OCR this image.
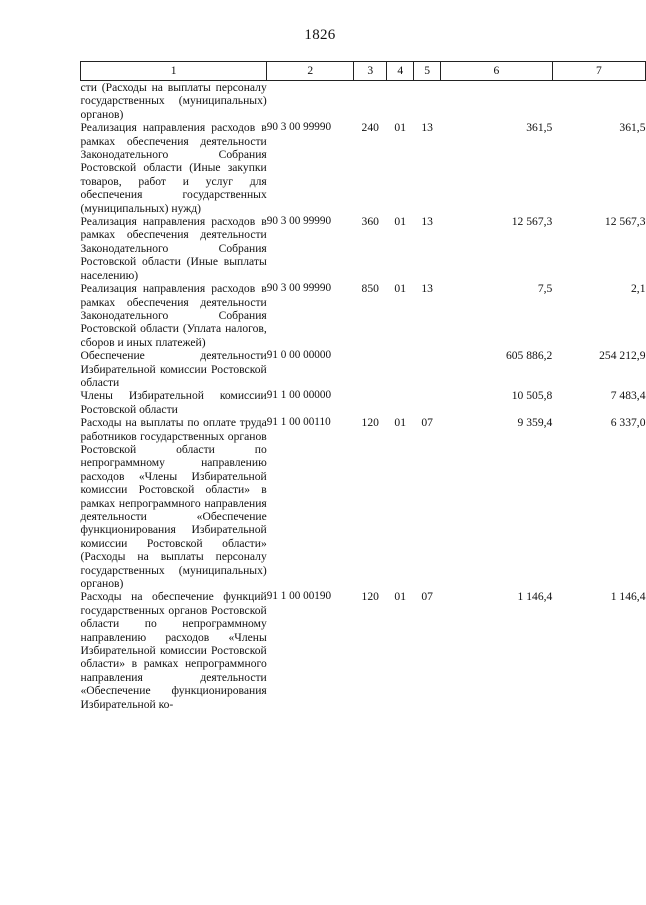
1826
1	2	3	4	5	6	7
сти (Расходы на выплаты персоналу государственных (муниципальных) органов)						
Реализация направления расходов в рамках обеспечения деятельности Законодательного Собрания Ростовской области (Иные закупки товаров, работ и услуг для обеспечения государственных (муниципальных) нужд)	90 3 00 99990	240	01	13	361,5	361,5
Реализация направления расходов в рамках обеспечения деятельности Законодательного Собрания Ростовской области (Иные выплаты населению)	90 3 00 99990	360	01	13	12 567,3	12 567,3
Реализация направления расходов в рамках обеспечения деятельности Законодательного Собрания Ростовской области (Уплата налогов, сборов и иных платежей)	90 3 00 99990	850	01	13	7,5	2,1
Обеспечение деятельности Избирательной комиссии Ростовской области	91 0 00 00000				605 886,2	254 212,9
Члены Избирательной комиссии Ростовской области	91 1 00 00000				10 505,8	7 483,4
Расходы на выплаты по оплате труда работников государственных органов Ростовской области по непрограммному направлению расходов «Члены Избирательной комиссии Ростовской области» в рамках непрограммного направления деятельности «Обеспечение функционирования Избирательной комиссии Ростовской области» (Расходы на выплаты персоналу государственных (муниципальных) органов)	91 1 00 00110	120	01	07	9 359,4	6 337,0
Расходы на обеспечение функций государственных органов Ростовской области по непрограммному направлению расходов «Члены Избирательной комиссии Ростовской области» в рамках непрограммного направления деятельности «Обеспечение функционирования Избирательной ко-	91 1 00 00190	120	01	07	1 146,4	1 146,4
